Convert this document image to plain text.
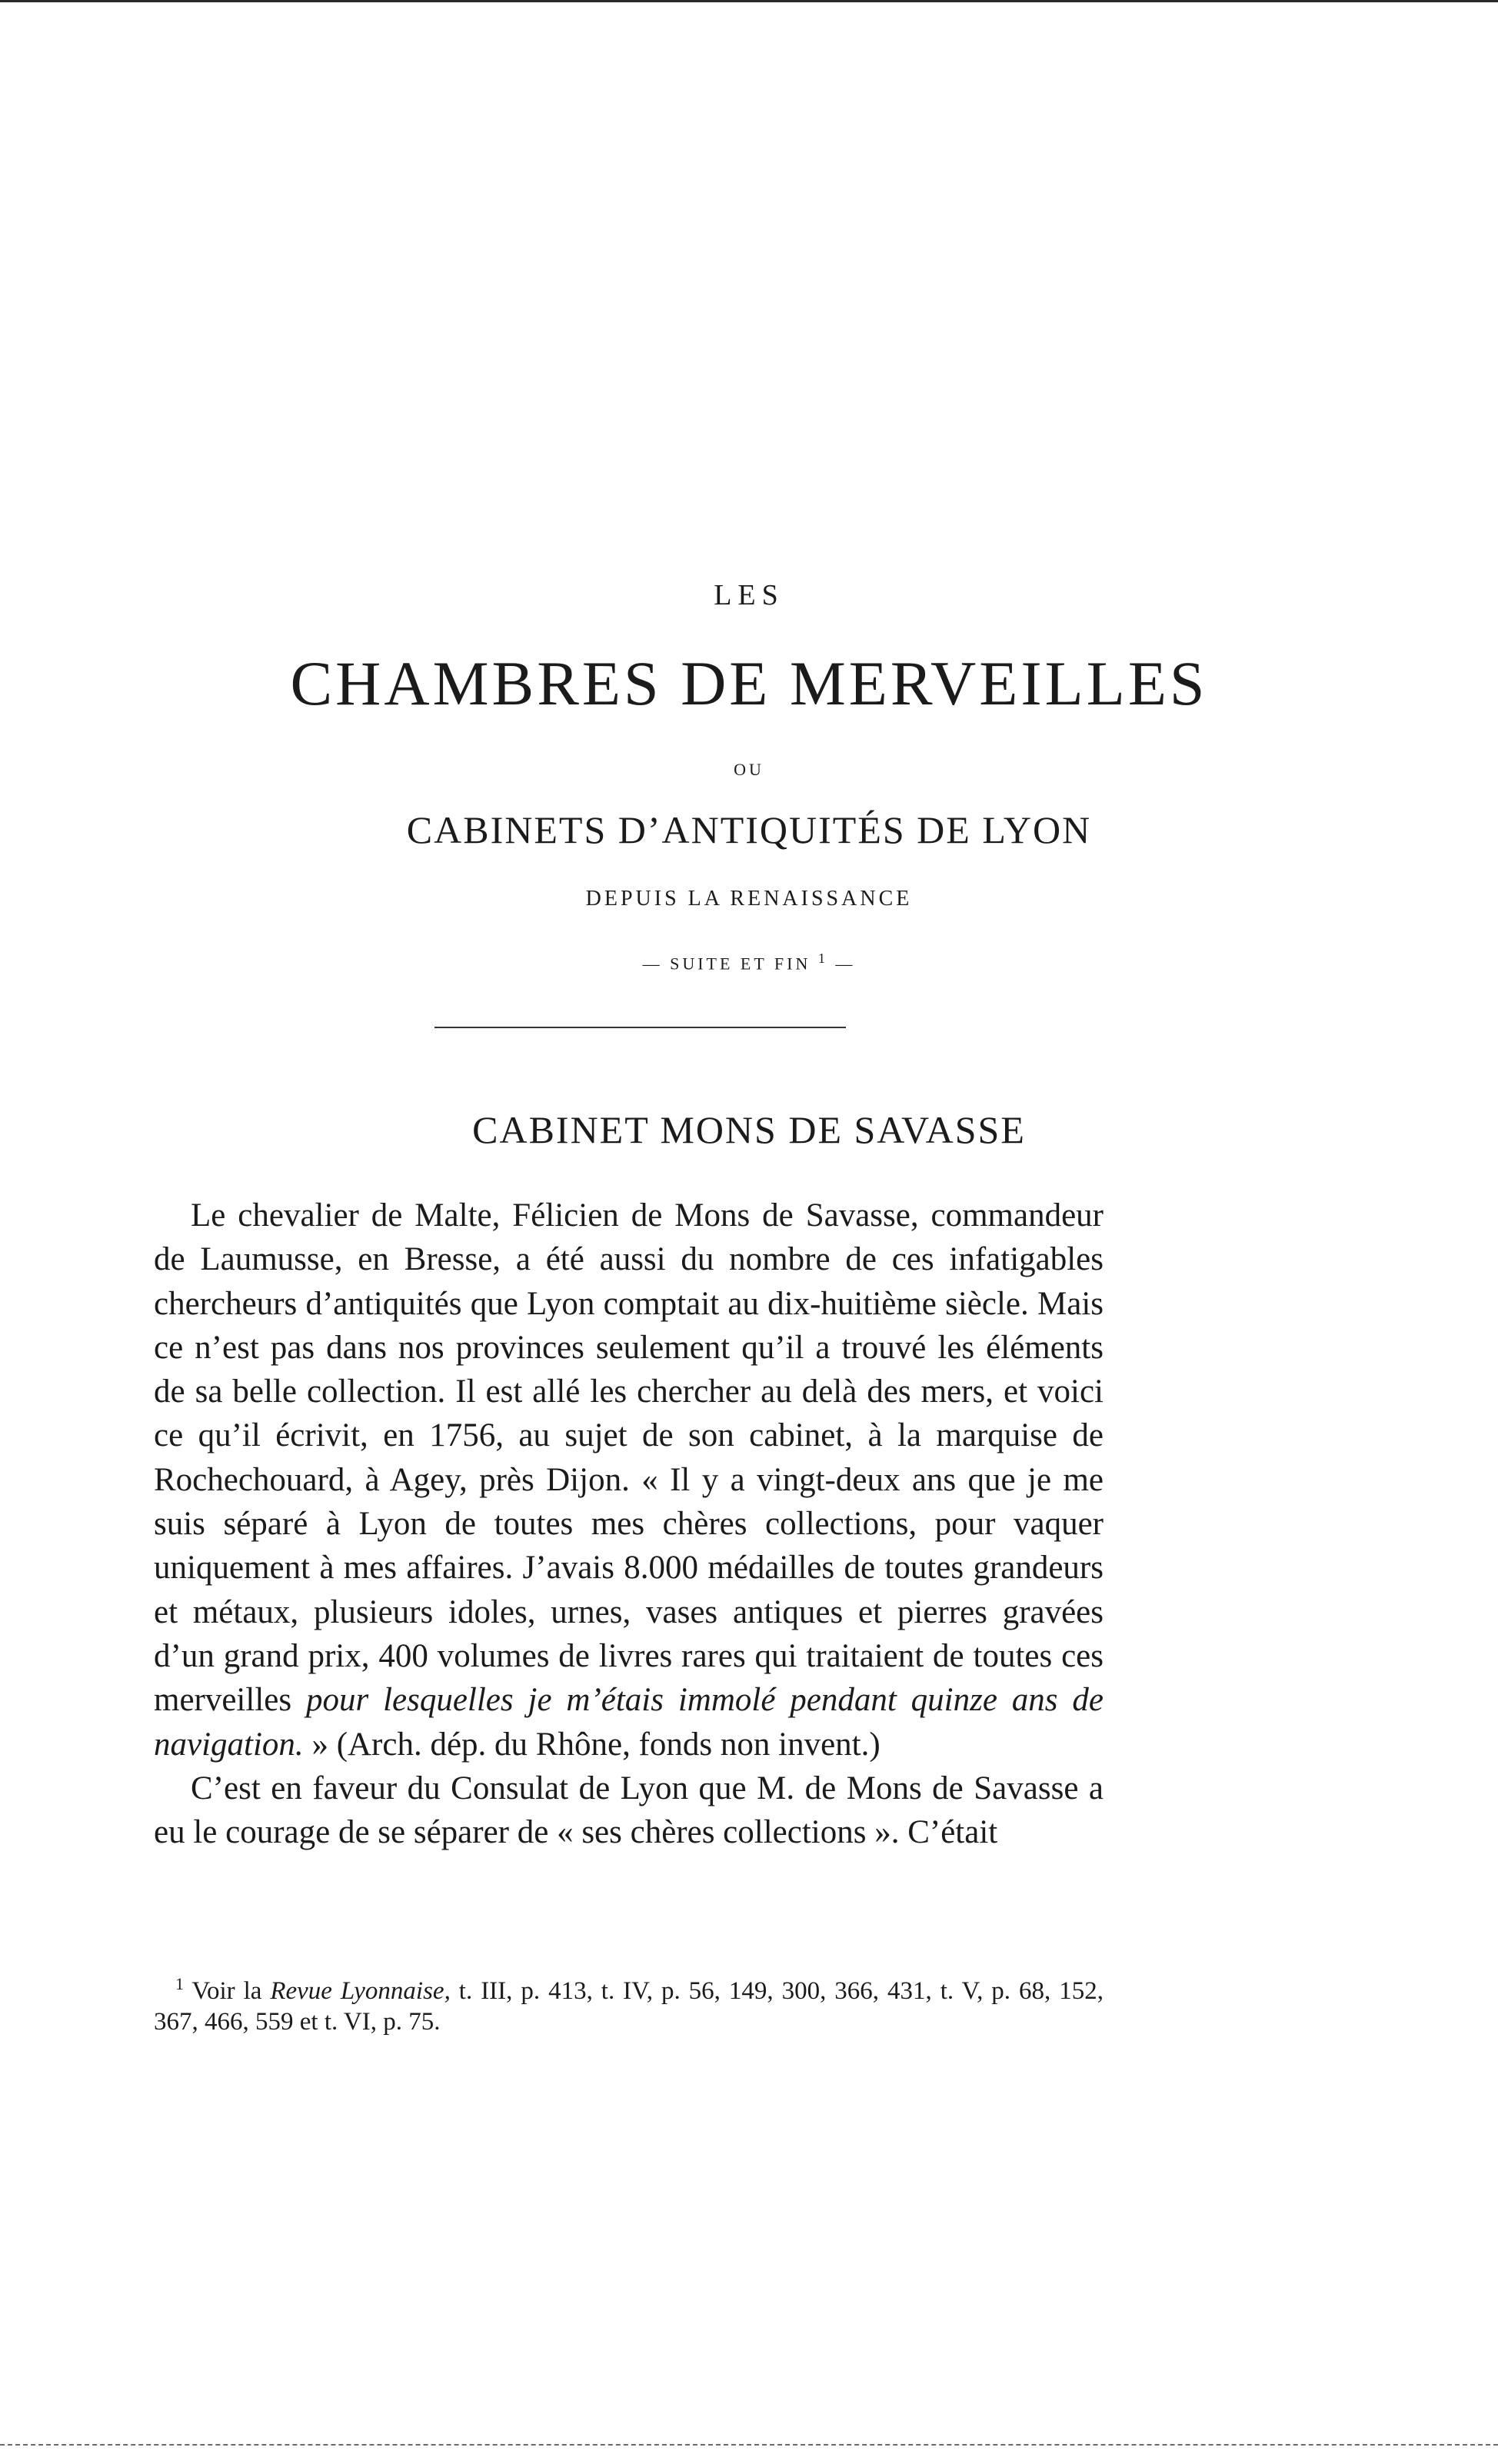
LES
CHAMBRES DE MERVEILLES
OU
CABINETS D’ANTIQUITÉS DE LYON
DEPUIS LA RENAISSANCE
— SUITE ET FIN $^1$ —
CABINET MONS DE SAVASSE

Le chevalier de Malte, Félicien de Mons de Savasse, commandeur de Laumusse, en Bresse, a été aussi du nombre de ces infatigables chercheurs d’antiquités que Lyon comptait au dix-huitième siècle. Mais ce n’est pas dans nos provinces seulement qu’il a trouvé les éléments de sa belle collection. Il est allé les chercher au delà des mers, et voici ce qu’il écrivit, en 1756, au sujet de son cabinet, à la marquise de Rochechouard, à Agey, près Dijon. « Il y a vingt-deux ans que je me suis séparé à Lyon de toutes mes chères collections, pour vaquer uniquement à mes affaires. J’avais 8.000 médailles de toutes grandeurs et métaux, plusieurs idoles, urnes, vases antiques et pierres gravées d’un grand prix, 400 volumes de livres rares qui traitaient de toutes ces merveilles pour lesquelles je m’étais immolé pendant quinze ans de navigation. » (Arch. dép. du Rhône, fonds non invent.)

C’est en faveur du Consulat de Lyon que M. de Mons de Savasse a eu le courage de se séparer de « ses chères collections ». C’était

$^1$ Voir la Revue Lyonnaise, t. III, p. 413, t. IV, p. 56, 149, 300, 366, 431, t. V, p. 68, 152, 367, 466, 559 et t. VI, p. 75.
